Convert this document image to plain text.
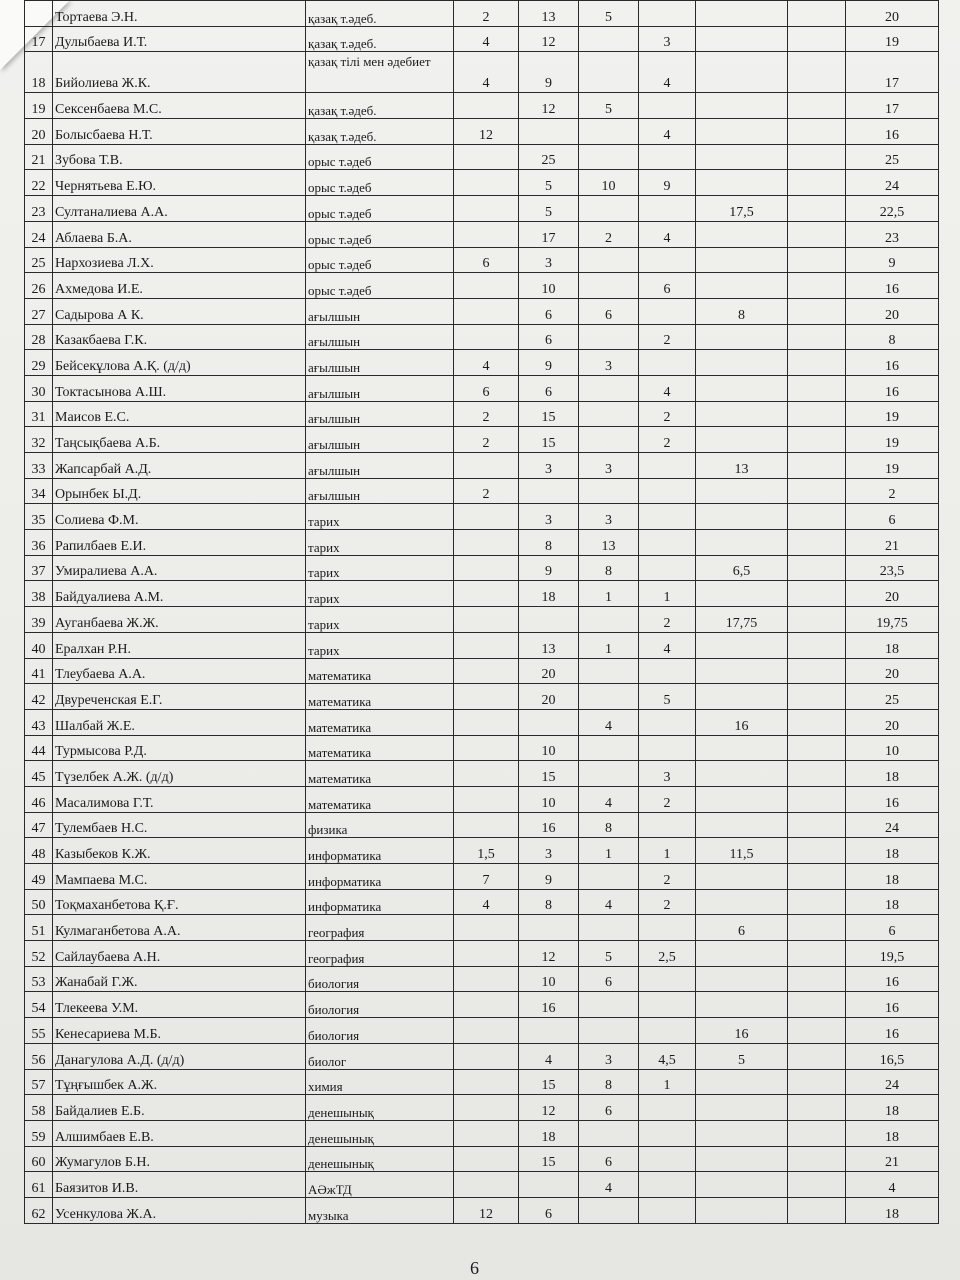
	Тортаева Э.Н.	қазақ т.әдеб.	2	13	5				20
17	Дулыбаева И.Т.	қазақ т.әдеб.	4	12		3			19
18	Бийолиева Ж.К.	қазақ тілі мен әдебиет	4	9		4			17
19	Сексенбаева М.С.	қазақ т.әдеб.		12	5				17
20	Болысбаева Н.Т.	қазақ т.әдеб.	12			4			16
21	Зубова Т.В.	орыс т.әдеб		25					25
22	Чернятьева Е.Ю.	орыс т.әдеб		5	10	9			24
23	Султаналиева А.А.	орыс т.әдеб		5			17,5		22,5
24	Аблаева Б.А.	орыс т.әдеб		17	2	4			23
25	Нархозиева Л.Х.	орыс т.әдеб	6	3					9
26	Ахмедова И.Е.	орыс т.әдеб		10		6			16
27	Садырова А К.	ағылшын		6	6		8		20
28	Казакбаева Г.К.	ағылшын		6		2			8
29	Бейсекұлова А.Қ. (д/д)	ағылшын	4	9	3				16
30	Токтасынова А.Ш.	ағылшын	6	6		4			16
31	Маисов Е.С.	ағылшын	2	15		2			19
32	Таңсықбаева А.Б.	ағылшын	2	15		2			19
33	Жапсарбай А.Д.	ағылшын		3	3		13		19
34	Орынбек Ы.Д.	ағылшын	2						2
35	Солиева Ф.М.	тарих		3	3				6
36	Рапилбаев Е.И.	тарих		8	13				21
37	Умиралиева А.А.	тарих		9	8		6,5		23,5
38	Байдуалиева А.М.	тарих		18	1	1			20
39	Ауганбаева Ж.Ж.	тарих				2	17,75		19,75
40	Ералхан Р.Н.	тарих		13	1	4			18
41	Тлеубаева А.А.	математика		20					20
42	Двуреченская Е.Г.	математика		20		5			25
43	Шалбай Ж.Е.	математика			4		16		20
44	Турмысова Р.Д.	математика		10					10
45	Түзелбек А.Ж. (д/д)	математика		15		3			18
46	Масалимова Г.Т.	математика		10	4	2			16
47	Тулембаев Н.С.	физика		16	8				24
48	Казыбеков К.Ж.	информатика	1,5	3	1	1	11,5		18
49	Мампаева М.С.	информатика	7	9		2			18
50	Тоқмаханбетова Қ.Ғ.	информатика	4	8	4	2			18
51	Кулмаганбетова А.А.	география					6		6
52	Сайлаубаева А.Н.	география		12	5	2,5			19,5
53	Жанабай Г.Ж.	биология		10	6				16
54	Тлекеева У.М.	биология		16					16
55	Кенесариева М.Б.	биология					16		16
56	Данагулова А.Д. (д/д)	биолог		4	3	4,5	5		16,5
57	Тұңғышбек А.Ж.	химия		15	8	1			24
58	Байдалиев Е.Б.	денешынық		12	6				18
59	Алшимбаев Е.В.	денешынық		18					18
60	Жумагулов Б.Н.	денешынық		15	6				21
61	Баязитов И.В.	АӘжТД			4				4
62	Усенкулова Ж.А.	музыка	12	6					18
6
